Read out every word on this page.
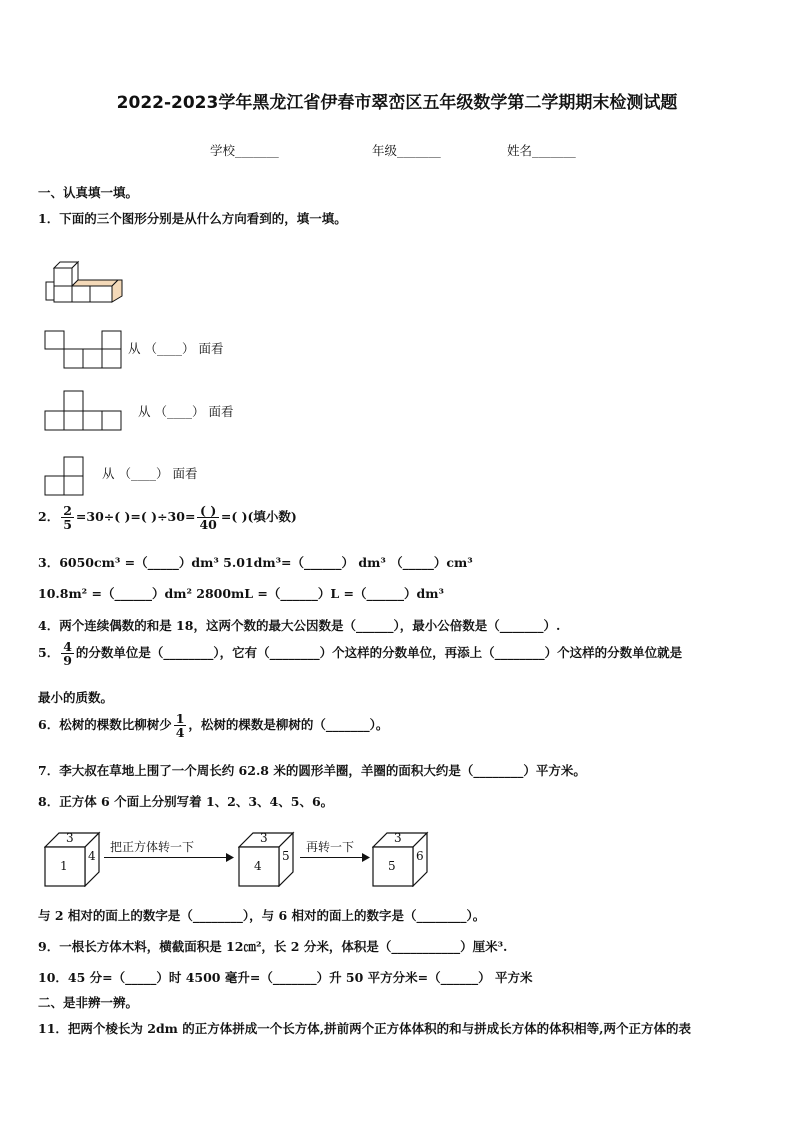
2022-2023学年黑龙江省伊春市翠峦区五年级数学第二学期期末检测试题
学校_______	年级_______	姓名_______
一、认真填一填。
1．下面的三个图形分别是从什么方向看到的，填一填。
从 （____） 面看
从 （____） 面看
从 （____） 面看
2． $\frac{2}{5} =30\div$( )=( )$\div 30= \frac{( )}{40}$ =( )(填小数)
3．6050cm³ =（_____）dm³ 5.01dm³=（______） dm³ （_____）cm³
10.8m² =（______）dm² 2800mL =（______）L =（______）dm³
4．两个连续偶数的和是 18，这两个数的最大公因数是（______），最小公倍数是（_______）.
5． $\frac{4}{9}$ 的分数单位是（________），它有（________）个这样的分数单位，再添上（________）个这样的分数单位就是
最小的质数。
6．松树的棵数比柳树少 $\frac{1}{4}$ ，松树的棵数是柳树的（_______）。
7．李大叔在草地上围了一个周长约 62.8 米的圆形羊圈，羊圈的面积大约是（________）平方米。
8．正方体 6 个面上分别写着 1、2、3、4、5、6。
3
1
4
把正方体转一下
3
4
5
再转一下
3
5
6
与 2 相对的面上的数字是（________），与 6 相对的面上的数字是（________）。
9．一根长方体木料，横截面积是 12㎝²，长 2 分米，体积是（___________）厘米³.
10．45 分=（_____）时 4500 毫升=（_______）升 50 平方分米=（______） 平方米
二、是非辨一辨。
11．把两个棱长为 2dm 的正方体拼成一个长方体,拼前两个正方体体积的和与拼成长方体的体积相等,两个正方体的表
